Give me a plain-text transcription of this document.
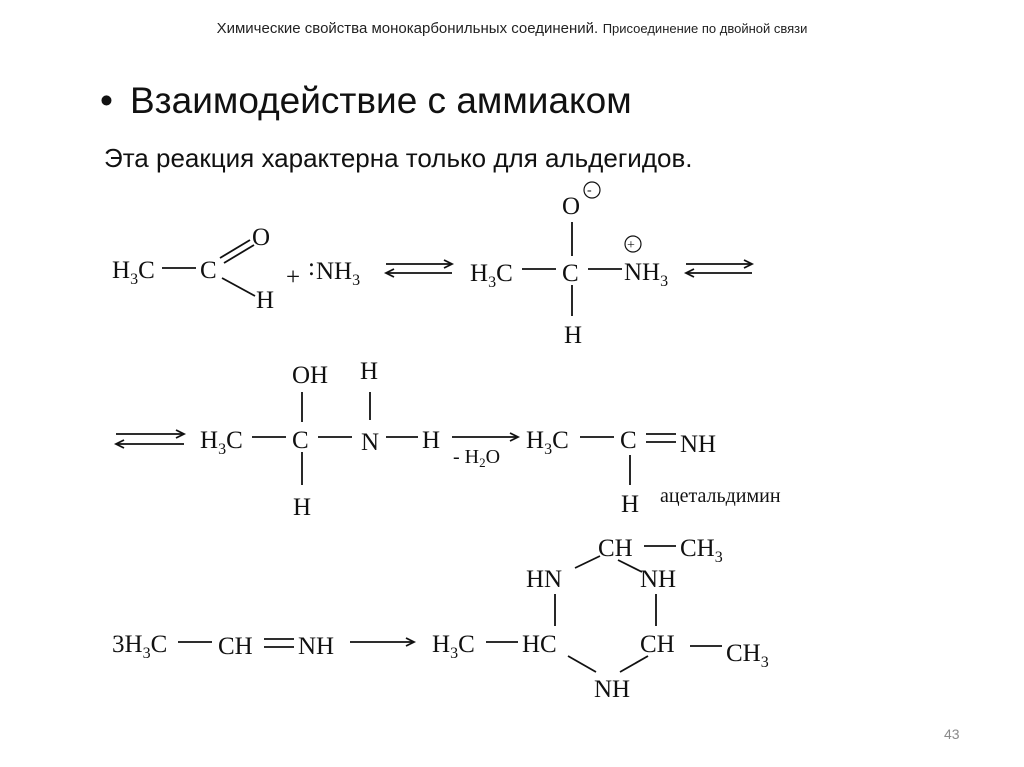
Химические свойства монокарбонильных соединений. Присоединение по двойной связи
• Взаимодействие с аммиаком
Эта реакция характерна только для альдегидов.
$H_3C$ C
O
H
+ : $NH_3$	$H_3C$ C
O
-
+
$NH_3$
H
$H_3C$ C
OH H
N H
H
- $H_2O$
$H_3C$ C NH
H ацетальдимин
$3H_3C$ CH NH	$H_3C$ HC
HN
CH $CH_3$
NH
CH $CH_3$
NH
43
